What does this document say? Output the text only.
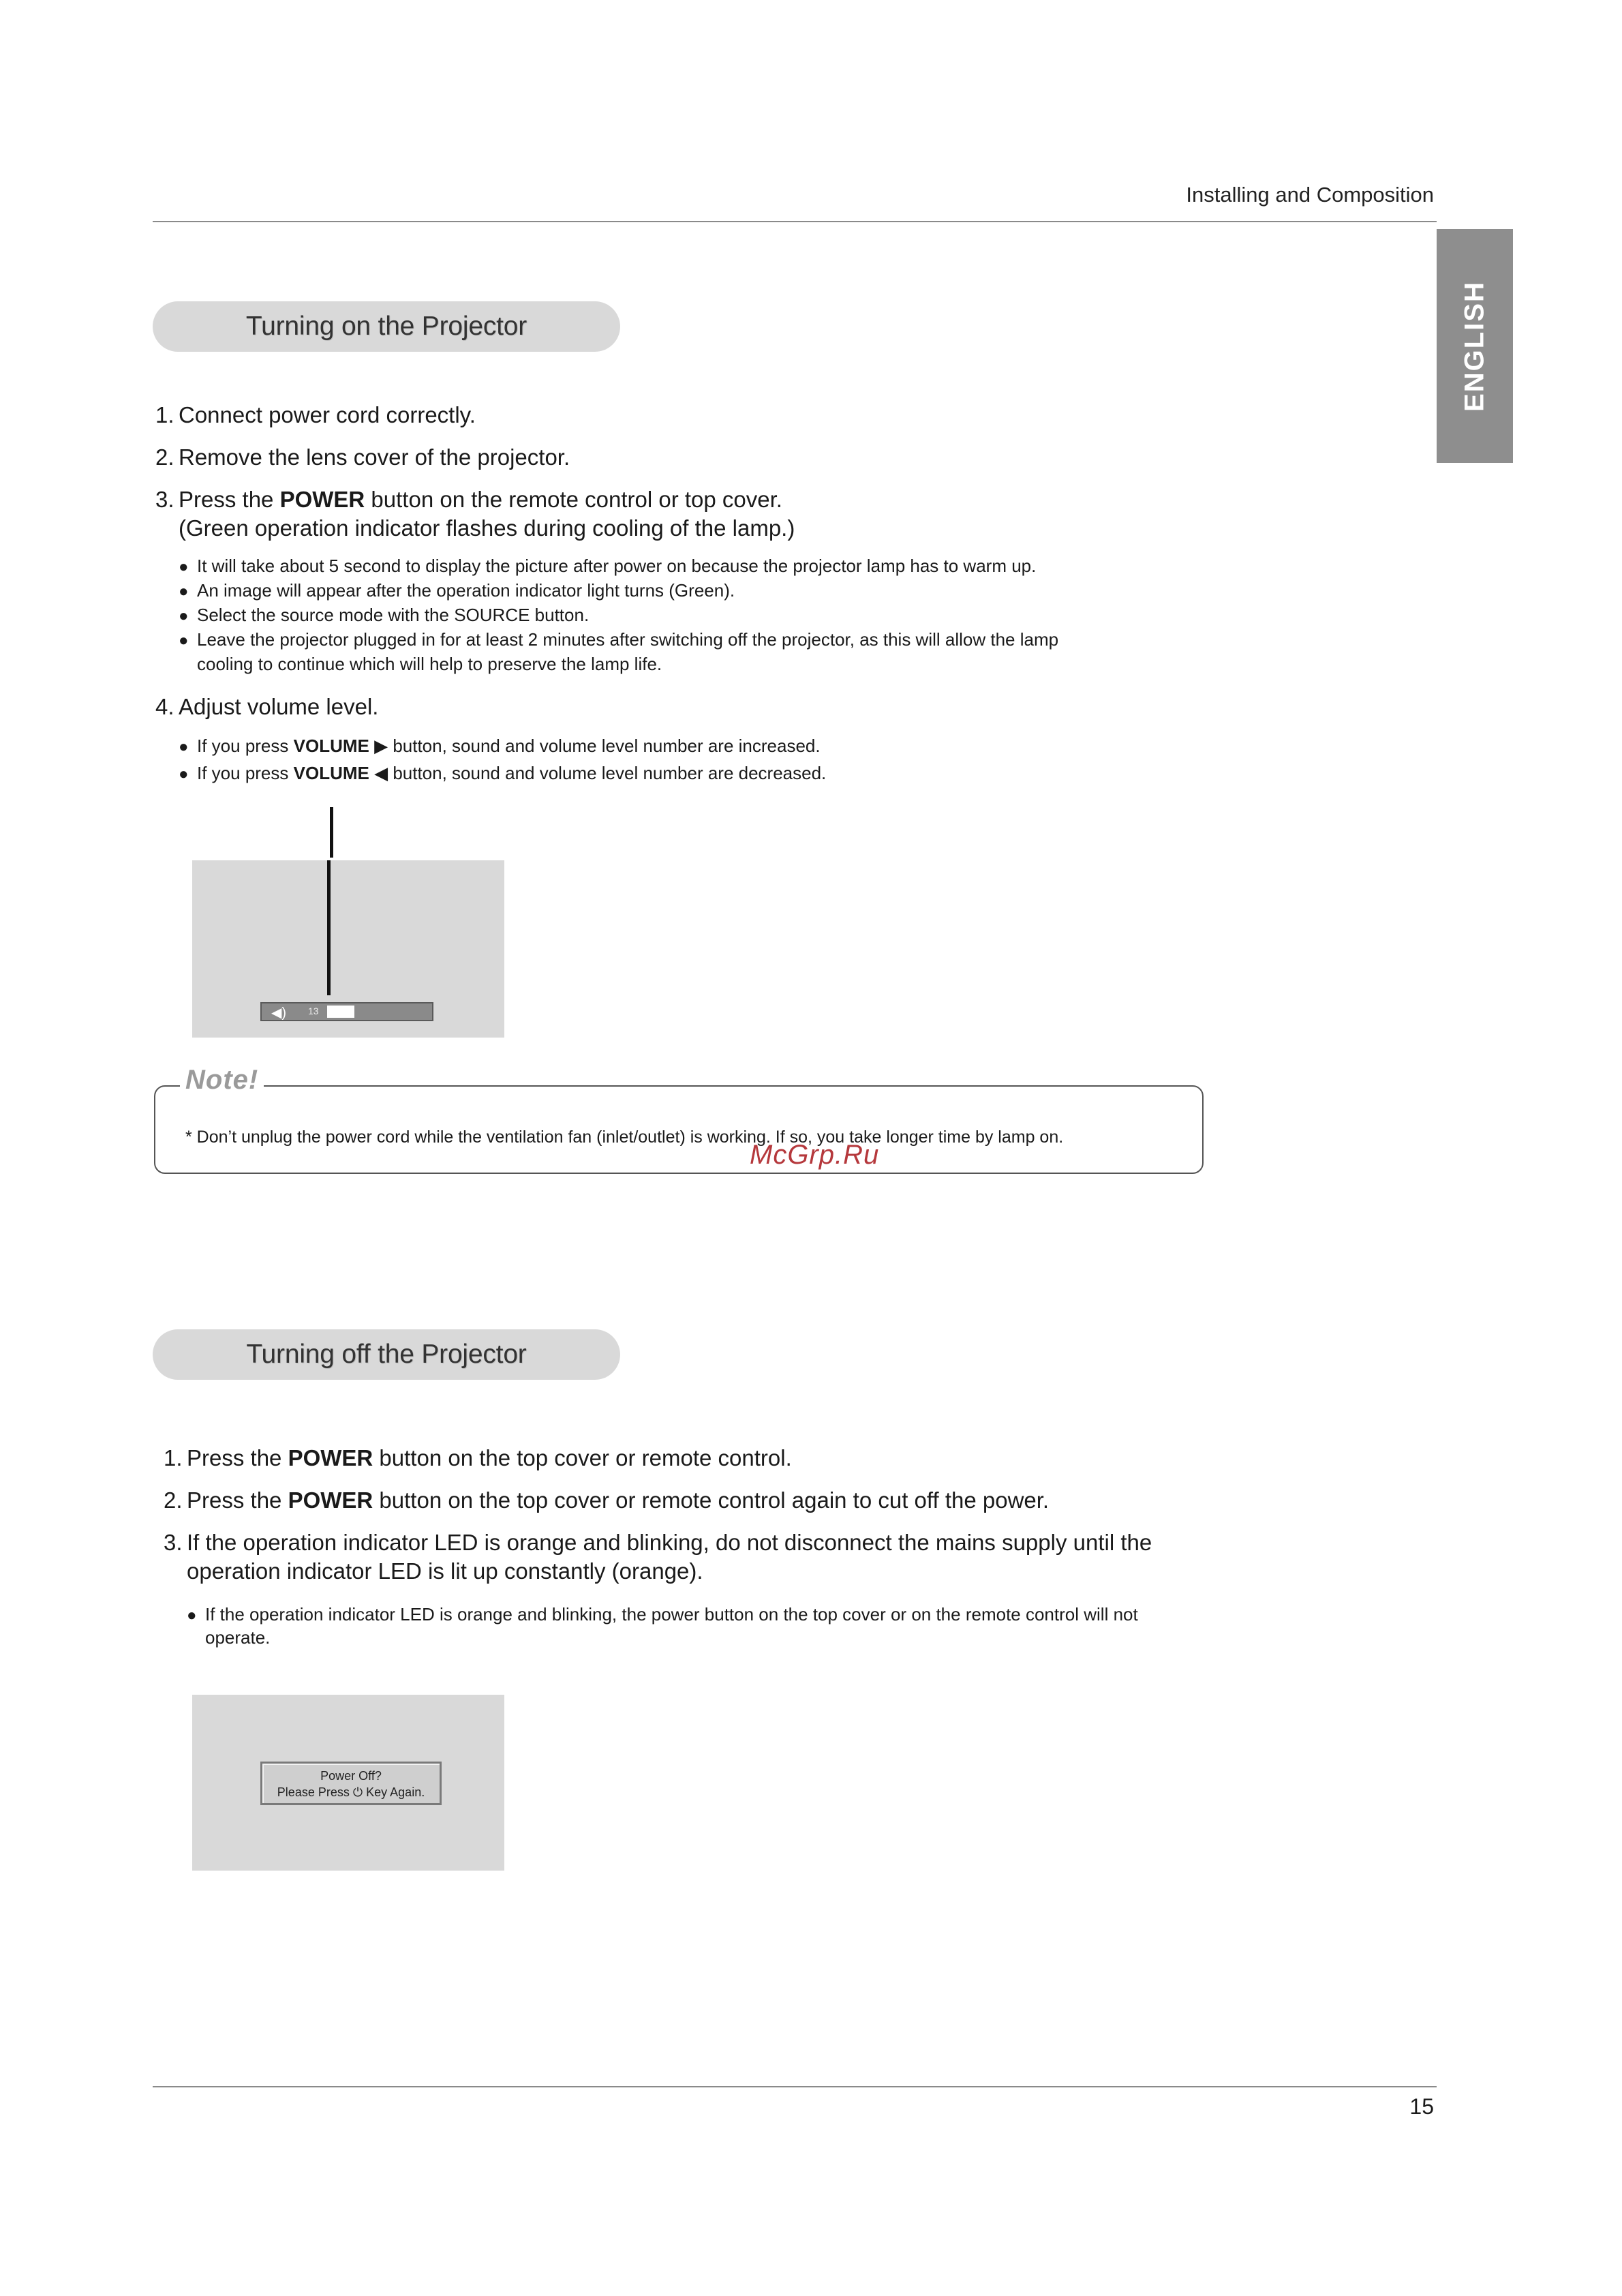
Installing and Composition
ENGLISH
Turning on the Projector
1. Connect power cord correctly.
2. Remove the lens cover of the projector.
3. Press the POWER button on the remote control or top cover.
(Green operation indicator flashes during cooling of the lamp.)
● It will take about 5 second to display the picture after power on because the projector lamp has to warm up.
● An image will appear after the operation indicator light turns (Green).
● Select the source mode with the SOURCE button.
● Leave the projector plugged in for at least 2 minutes after switching off the projector, as this will allow the lamp
cooling to continue which will help to preserve the lamp life.
4. Adjust volume level.
● If you press VOLUME ▶ button, sound and volume level number are increased.
● If you press VOLUME ◀ button, sound and volume level number are decreased.
◀) 13
Note!
* Don’t unplug the power cord while the ventilation fan (inlet/outlet) is working. If so, you take longer time by lamp on.
McGrp.Ru
Turning off the Projector
1. Press the POWER button on the top cover or remote control.
2. Press the POWER button on the top cover or remote control again to cut off the power.
3. If the operation indicator LED is orange and blinking, do not disconnect the mains supply until the
operation indicator LED is lit up constantly (orange).
● If the operation indicator LED is orange and blinking, the power button on the top cover or on the remote control will not
operate.
Power Off?
Please Press ⏻ Key Again.
15
